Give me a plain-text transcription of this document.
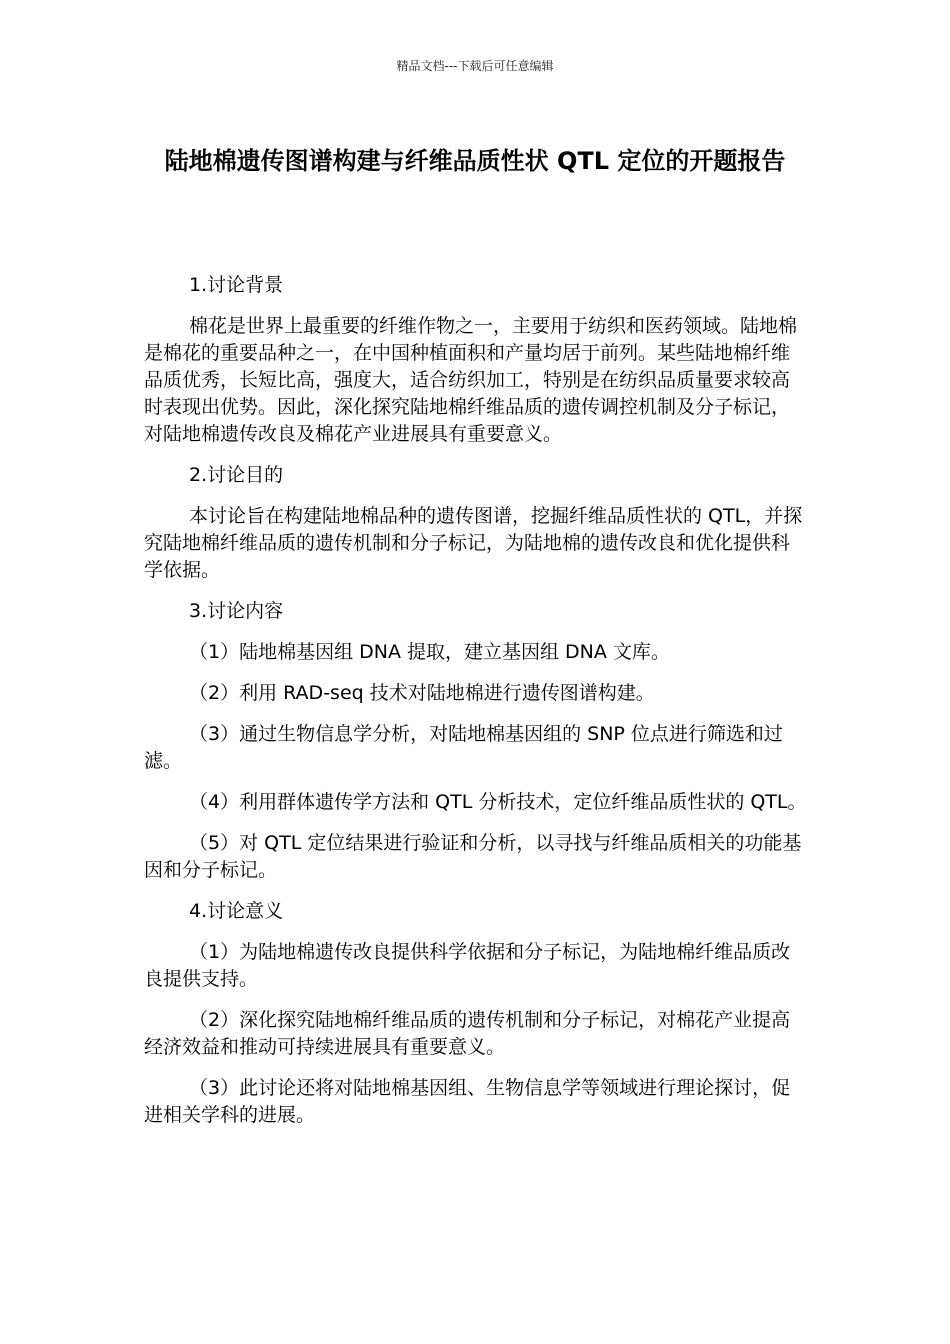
精品文档---下载后可任意编辑
陆地棉遗传图谱构建与纤维品质性状 QTL 定位的开题报告

1.讨论背景

棉花是世界上最重要的纤维作物之一，主要用于纺织和医药领域。陆地棉是棉花的重要品种之一，在中国种植面积和产量均居于前列。某些陆地棉纤维品质优秀，长短比高，强度大，适合纺织加工，特别是在纺织品质量要求较高时表现出优势。因此，深化探究陆地棉纤维品质的遗传调控机制及分子标记，对陆地棉遗传改良及棉花产业进展具有重要意义。

2.讨论目的

本讨论旨在构建陆地棉品种的遗传图谱，挖掘纤维品质性状的 QTL，并探究陆地棉纤维品质的遗传机制和分子标记，为陆地棉的遗传改良和优化提供科学依据。

3.讨论内容

（1）陆地棉基因组 DNA 提取，建立基因组 DNA 文库。

（2）利用 RAD-seq 技术对陆地棉进行遗传图谱构建。

（3）通过生物信息学分析，对陆地棉基因组的 SNP 位点进行筛选和过滤。

（4）利用群体遗传学方法和 QTL 分析技术，定位纤维品质性状的 QTL。

（5）对 QTL 定位结果进行验证和分析，以寻找与纤维品质相关的功能基因和分子标记。

4.讨论意义

（1）为陆地棉遗传改良提供科学依据和分子标记，为陆地棉纤维品质改良提供支持。

（2）深化探究陆地棉纤维品质的遗传机制和分子标记，对棉花产业提高经济效益和推动可持续进展具有重要意义。

（3）此讨论还将对陆地棉基因组、生物信息学等领域进行理论探讨，促进相关学科的进展。
